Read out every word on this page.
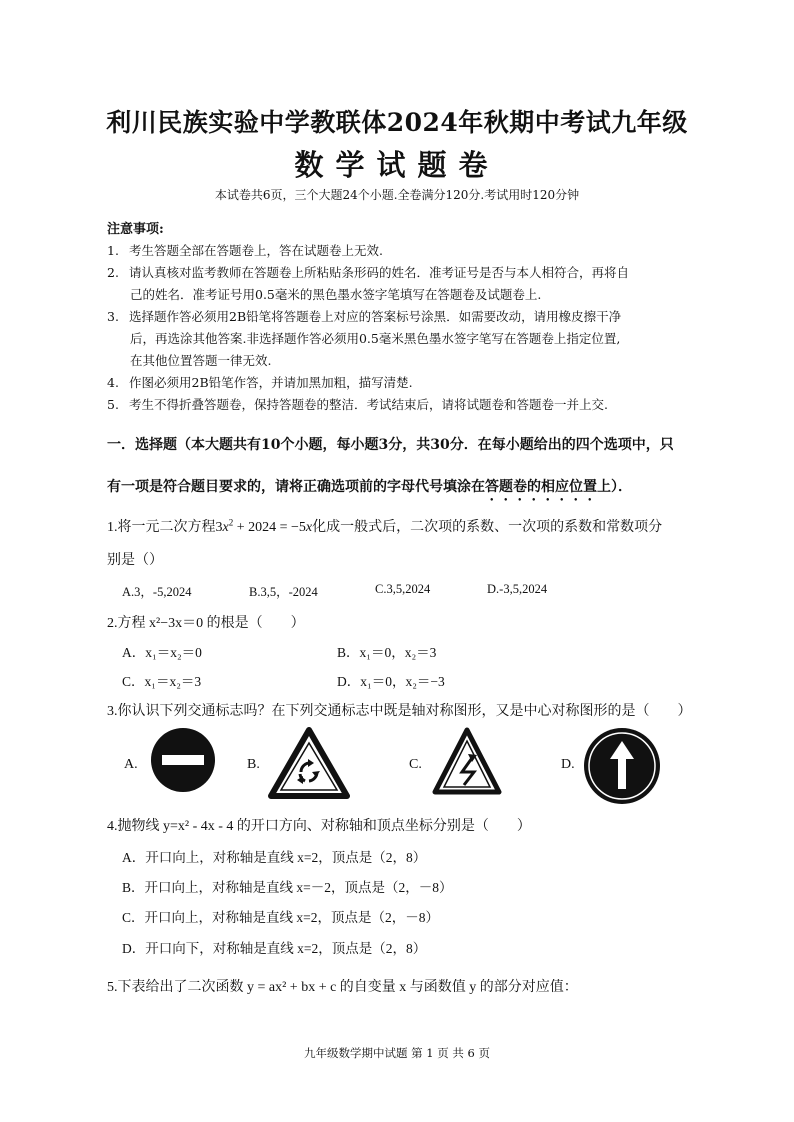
利川民族实验中学教联体2024年秋期中考试九年级
数学试题卷
本试卷共6页，三个大题24个小题.全卷满分120分.考试用时120分钟
注意事项:
1. 考生答题全部在答题卷上，答在试题卷上无效.
2. 请认真核对监考教师在答题卷上所粘贴条形码的姓名．准考证号是否与本人相符合，再将自
己的姓名．准考证号用0.5毫米的黑色墨水签字笔填写在答题卷及试题卷上.
3. 选择题作答必须用2B铅笔将答题卷上对应的答案标号涂黑．如需要改动，请用橡皮擦干净
后，再选涂其他答案.非选择题作答必须用0.5毫米黑色墨水签字笔写在答题卷上指定位置,
在其他位置答题一律无效.
4. 作图必须用2B铅笔作答，并请加黑加粗，描写清楚.
5. 考生不得折叠答题卷，保持答题卷的整洁．考试结束后，请将试题卷和答题卷一并上交.
一．选择题（本大题共有10个小题，每小题3分，共30分．在每小题给出的四个选项中，只
有一项是符合题目要求的，请将正确选项前的字母代号填涂在答题卷的相应位置上）．
1.将一元二次方程$3x^2 + 2024 = -5x$化成一般式后，二次项的系数、一次项的系数和常数项分
别是（）
A.3，-5,2024	B.3,5，-2024	C.3,5,2024	D.-3,5,2024
2.方程 x²−3x＝0 的根是（　　）
A．x₁＝x₂＝0	B．x₁＝0，x₂＝3
C．x₁＝x₂＝3	D．x₁＝0，x₂＝−3
3.你认识下列交通标志吗？在下列交通标志中既是轴对称图形，又是中心对称图形的是（　　）
A.	B.	C.	D.
4.抛物线 y=x² - 4x - 4 的开口方向、对称轴和顶点坐标分别是（　　）
A．开口向上，对称轴是直线 x=2，顶点是（2，8）
B．开口向上，对称轴是直线 x=－2，顶点是（2，－8）
C．开口向上，对称轴是直线 x=2，顶点是（2，－8）
D．开口向下，对称轴是直线 x=2，顶点是（2，8）
5.下表给出了二次函数 y = ax² + bx + c 的自变量 x 与函数值 y 的部分对应值：
九年级数学期中试题 第 1 页 共 6 页
